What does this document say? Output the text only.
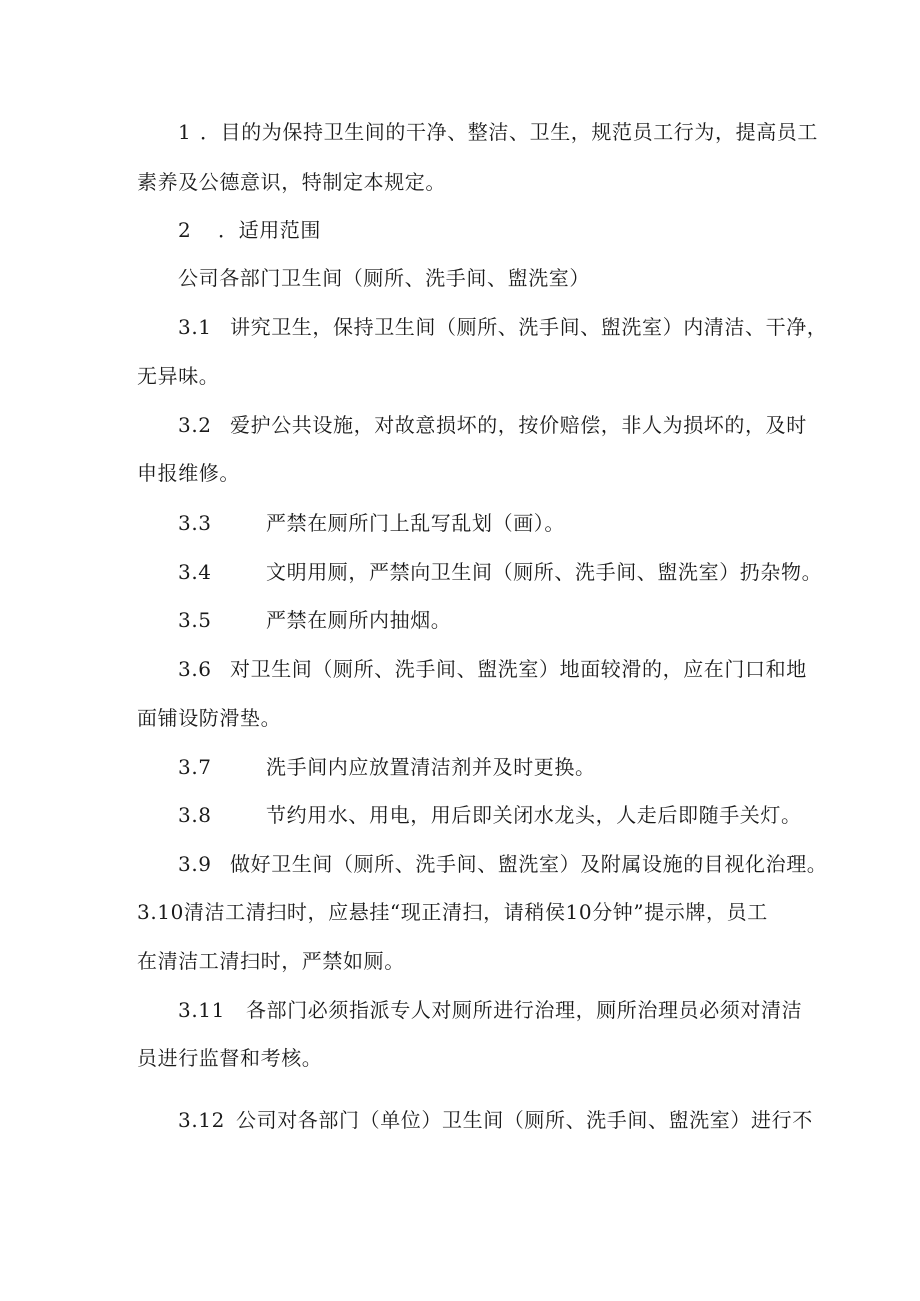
1 ．目的为保持卫生间的干净、整洁、卫生，规范员工行为，提高员工
素养及公德意识，特制定本规定。
2 ．适用范围
公司各部门卫生间（厕所、洗手间、盥洗室）
3.1 讲究卫生，保持卫生间（厕所、洗手间、盥洗室）内清洁、干净，
无异味。
3.2 爱护公共设施，对故意损坏的，按价赔偿，非人为损坏的，及时
申报维修。
3.3	严禁在厕所门上乱写乱划（画）。
3.4	文明用厕，严禁向卫生间（厕所、洗手间、盥洗室）扔杂物。
3.5	严禁在厕所内抽烟。
3.6 对卫生间（厕所、洗手间、盥洗室）地面较滑的，应在门口和地
面铺设防滑垫。
3.7	洗手间内应放置清洁剂并及时更换。
3.8	节约用水、用电，用后即关闭水龙头，人走后即随手关灯。
3.9 做好卫生间（厕所、洗手间、盥洗室）及附属设施的目视化治理。
3.10清洁工清扫时，应悬挂“现正清扫，请稍侯10分钟”提示牌，员工
在清洁工清扫时，严禁如厕。
3.11 各部门必须指派专人对厕所进行治理，厕所治理员必须对清洁
员进行监督和考核。
3.12 公司对各部门（单位）卫生间（厕所、洗手间、盥洗室）进行不
